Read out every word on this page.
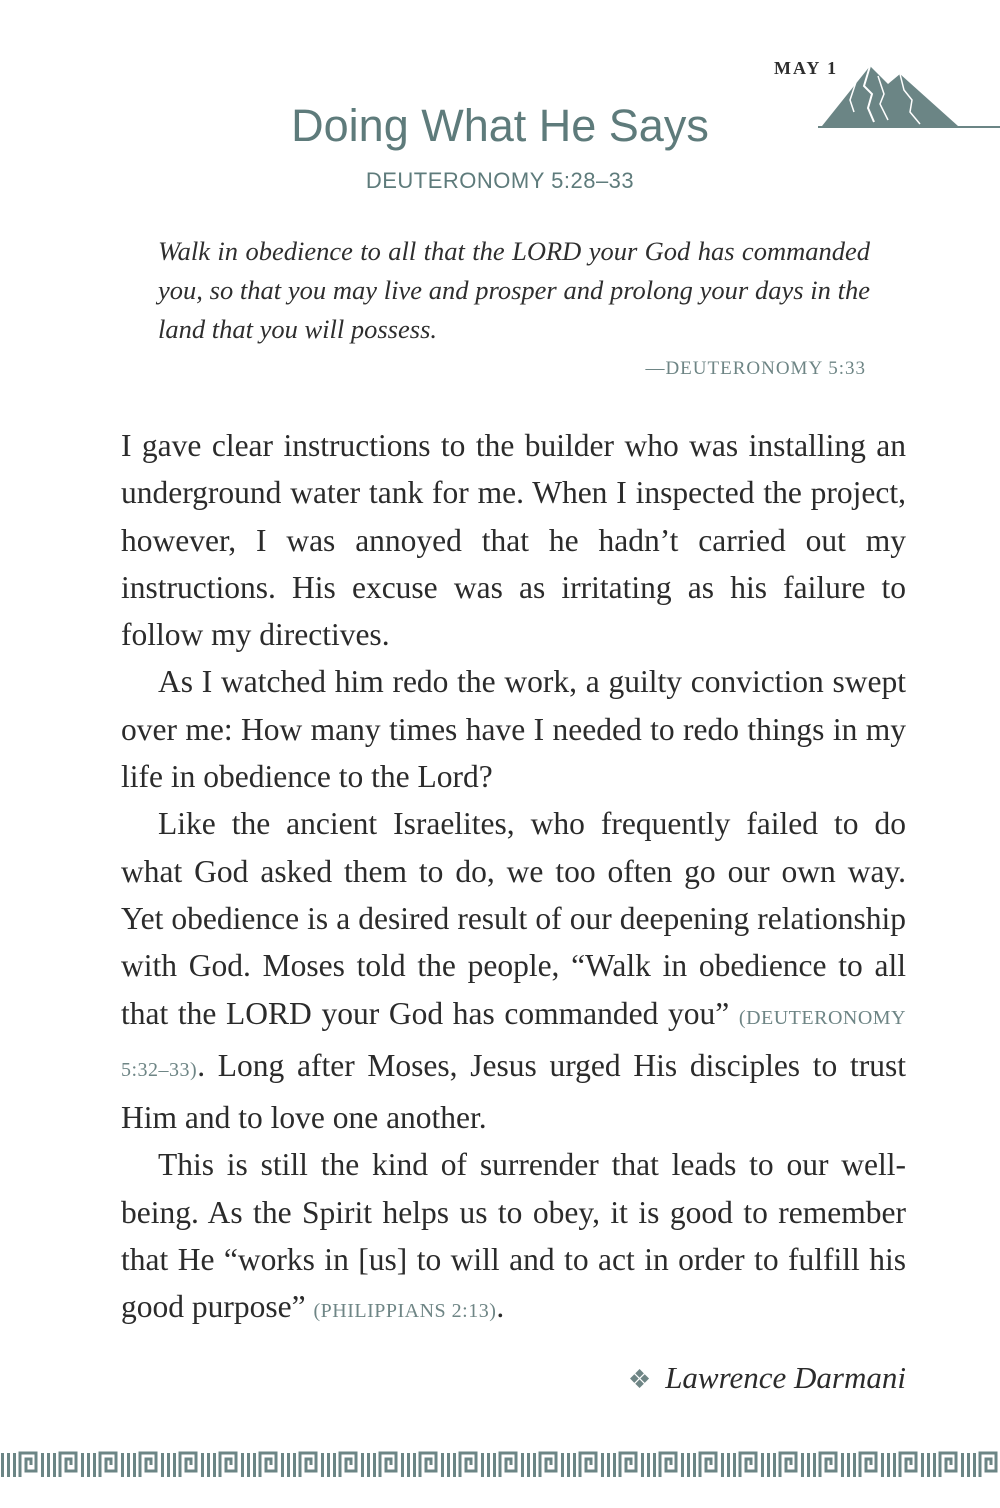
MAY 1
Doing What He Says
DEUTERONOMY 5:28–33

Walk in obedience to all that the LORD your God has commanded you, so that you may live and prosper and prolong your days in the land that you will possess.

—DEUTERONOMY 5:33

I gave clear instructions to the builder who was installing an underground water tank for me. When I inspected the project, however, I was annoyed that he hadn’t carried out my instructions. His excuse was as irritating as his failure to follow my directives.

As I watched him redo the work, a guilty conviction swept over me: How many times have I needed to redo things in my life in obedience to the Lord?

Like the ancient Israelites, who frequently failed to do what God asked them to do, we too often go our own way. Yet obedience is a desired result of our deepening relationship with God. Moses told the people, “Walk in obedience to all that the LORD your God has commanded you” (DEUTERONOMY 5:32–33). Long after Moses, Jesus urged His disciples to trust Him and to love one another.

This is still the kind of surrender that leads to our well-being. As the Spirit helps us to obey, it is good to remember that He “works in [us] to will and to act in order to fulfill his good purpose” (PHILIPPIANS 2:13).

❖ Lawrence Darmani
